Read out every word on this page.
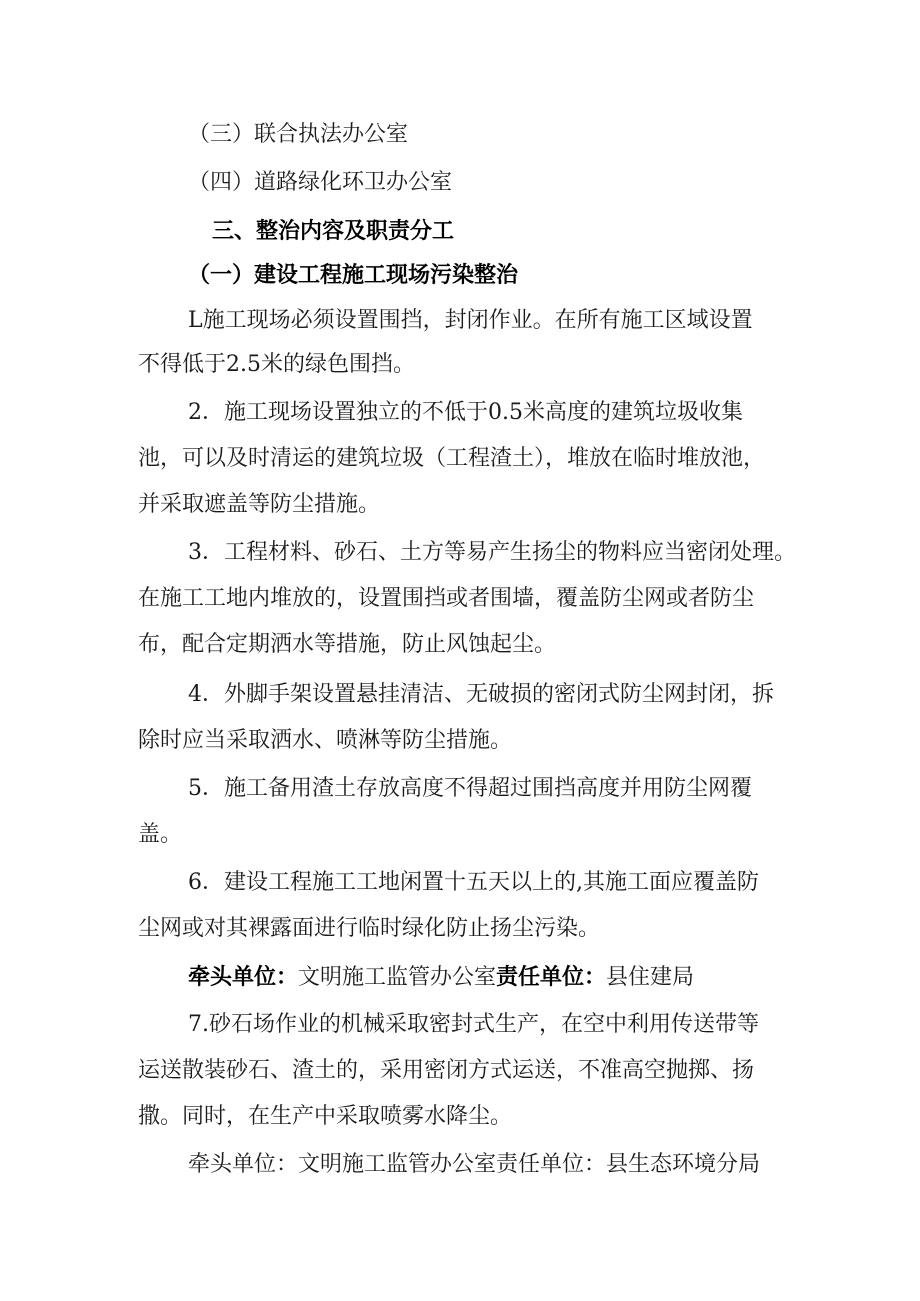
（三）联合执法办公室
（四）道路绿化环卫办公室
三、整治内容及职责分工
（一）建设工程施工现场污染整治
L施工现场必须设置围挡，封闭作业。在所有施工区域设置
不得低于2.5米的绿色围挡。
2．施工现场设置独立的不低于0.5米高度的建筑垃圾收集
池，可以及时清运的建筑垃圾（工程渣土），堆放在临时堆放池，
并采取遮盖等防尘措施。
3．工程材料、砂石、土方等易产生扬尘的物料应当密闭处理。
在施工工地内堆放的，设置围挡或者围墙，覆盖防尘网或者防尘
布，配合定期洒水等措施，防止风蚀起尘。
4．外脚手架设置悬挂清洁、无破损的密闭式防尘网封闭，拆
除时应当采取洒水、喷淋等防尘措施。
5．施工备用渣土存放高度不得超过围挡高度并用防尘网覆
盖。
6．建设工程施工工地闲置十五天以上的,其施工面应覆盖防
尘网或对其裸露面进行临时绿化防止扬尘污染。
牵头单位：文明施工监管办公室责任单位：县住建局
7.砂石场作业的机械采取密封式生产，在空中利用传送带等
运送散装砂石、渣土的，采用密闭方式运送，不准高空抛掷、扬
撒。同时，在生产中采取喷雾水降尘。
牵头单位：文明施工监管办公室责任单位：县生态环境分局
